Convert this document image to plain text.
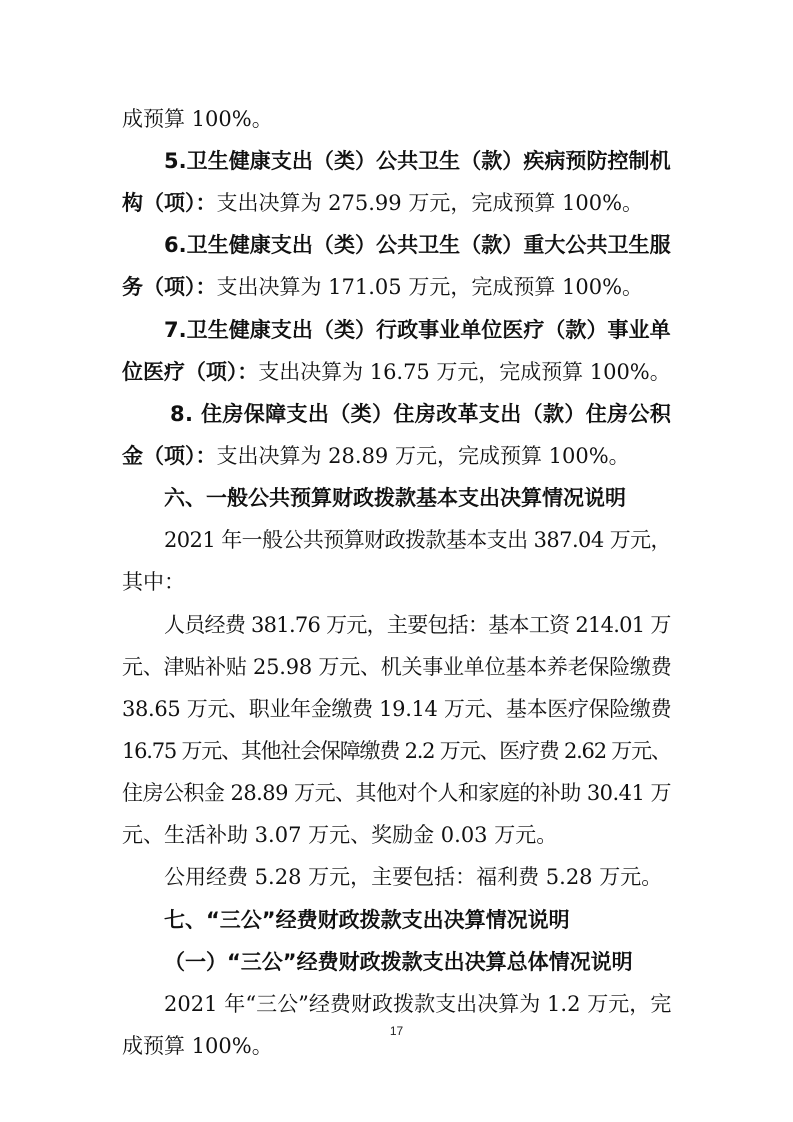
成预算 100%。
5.卫生健康支出（类）公共卫生（款）疾病预防控制机
构（项）：支出决算为 275.99 万元，完成预算 100%。
6.卫生健康支出（类）公共卫生（款）重大公共卫生服
务（项）：支出决算为 171.05 万元，完成预算 100%。
7.卫生健康支出（类）行政事业单位医疗（款）事业单
位医疗（项）：支出决算为 16.75 万元，完成预算 100%。
8. 住房保障支出（类）住房改革支出（款）住房公积
金（项）：支出决算为 28.89 万元，完成预算 100%。
六、一般公共预算财政拨款基本支出决算情况说明
2021 年一般公共预算财政拨款基本支出 387.04 万元，
其中：
人员经费 381.76 万元，主要包括：基本工资 214.01 万
元、津贴补贴 25.98 万元、机关事业单位基本养老保险缴费
38.65 万元、职业年金缴费 19.14 万元、基本医疗保险缴费
16.75 万元、其他社会保障缴费 2.2 万元、医疗费 2.62 万元、
住房公积金 28.89 万元、其他对个人和家庭的补助 30.41 万
元、生活补助 3.07 万元、奖励金 0.03 万元。
公用经费 5.28 万元，主要包括：福利费 5.28 万元。
七、“三公”经费财政拨款支出决算情况说明
（一）“三公”经费财政拨款支出决算总体情况说明
2021 年“三公”经费财政拨款支出决算为 1.2 万元，完
成预算 100%。
17
